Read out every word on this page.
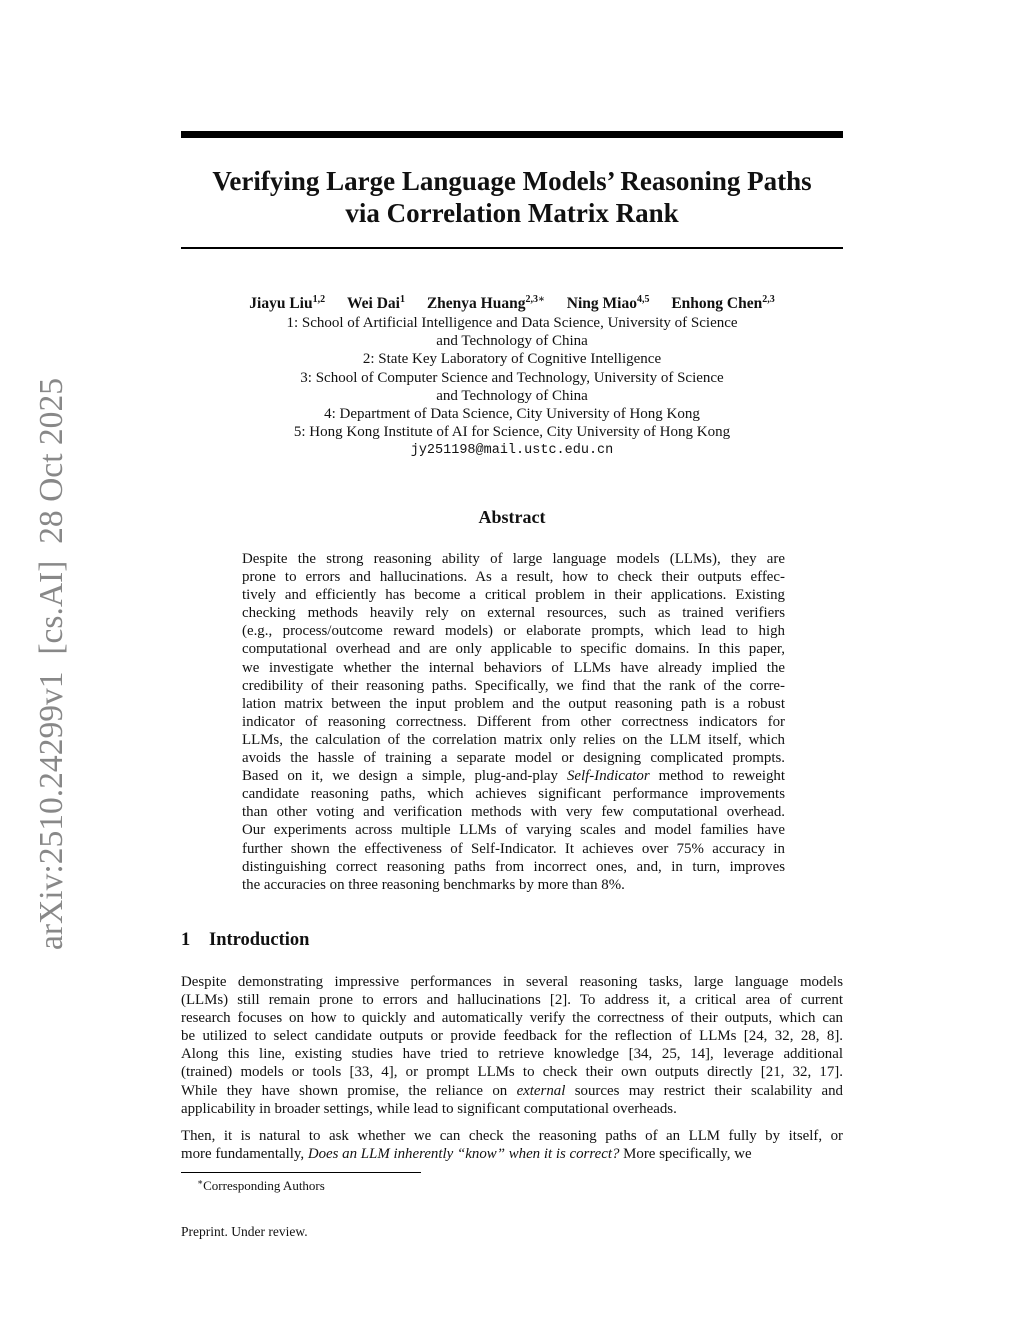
arXiv:2510.24299v1  [cs.AI]  28 Oct 2025
Verifying Large Language Models’ Reasoning Paths
via Correlation Matrix Rank
Jiayu Liu$^{1,2}$ Wei Dai$^1$ Zhenya Huang$^{2,3∗}$ Ning Miao$^{4,5}$ Enhong Chen$^{2,3}$
1: School of Artificial Intelligence and Data Science, University of Science
and Technology of China
2: State Key Laboratory of Cognitive Intelligence
3: School of Computer Science and Technology, University of Science
and Technology of China
4: Department of Data Science, City University of Hong Kong
5: Hong Kong Institute of AI for Science, City University of Hong Kong
jy251198@mail.ustc.edu.cn
Abstract
Despite the strong reasoning ability of large language models (LLMs), they are
prone to errors and hallucinations. As a result, how to check their outputs effec-
tively and efficiently has become a critical problem in their applications. Existing
checking methods heavily rely on external resources, such as trained verifiers
(e.g., process/outcome reward models) or elaborate prompts, which lead to high
computational overhead and are only applicable to specific domains. In this paper,
we investigate whether the internal behaviors of LLMs have already implied the
credibility of their reasoning paths. Specifically, we find that the rank of the corre-
lation matrix between the input problem and the output reasoning path is a robust
indicator of reasoning correctness. Different from other correctness indicators for
LLMs, the calculation of the correlation matrix only relies on the LLM itself, which
avoids the hassle of training a separate model or designing complicated prompts.
Based on it, we design a simple, plug-and-play Self-Indicator method to reweight
candidate reasoning paths, which achieves significant performance improvements
than other voting and verification methods with very few computational overhead.
Our experiments across multiple LLMs of varying scales and model families have
further shown the effectiveness of Self-Indicator. It achieves over 75% accuracy in
distinguishing correct reasoning paths from incorrect ones, and, in turn, improves
the accuracies on three reasoning benchmarks by more than 8%.
1 Introduction
Despite demonstrating impressive performances in several reasoning tasks, large language models
(LLMs) still remain prone to errors and hallucinations [2]. To address it, a critical area of current
research focuses on how to quickly and automatically verify the correctness of their outputs, which can
be utilized to select candidate outputs or provide feedback for the reflection of LLMs [24, 32, 28, 8].
Along this line, existing studies have tried to retrieve knowledge [34, 25, 14], leverage additional
(trained) models or tools [33, 4], or prompt LLMs to check their own outputs directly [21, 32, 17].
While they have shown promise, the reliance on external sources may restrict their scalability and
applicability in broader settings, while lead to significant computational overheads.
Then, it is natural to ask whether we can check the reasoning paths of an LLM fully by itself, or
more fundamentally, Does an LLM inherently “know” when it is correct? More specifically, we
∗Corresponding Authors
Preprint. Under review.
